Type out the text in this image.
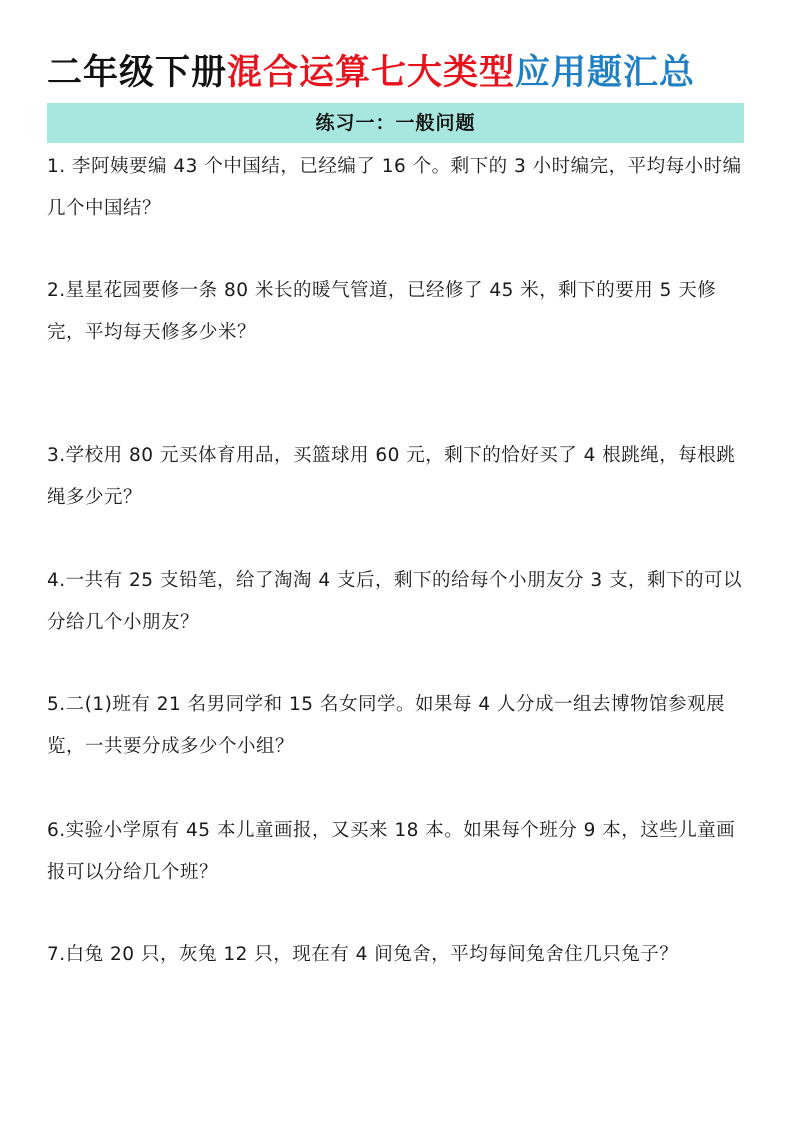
二年级下册混合运算七大类型应用题汇总
练习一：一般问题

1. 李阿姨要编 43 个中国结，已经编了 16 个。剩下的 3 小时编完，平均每小时编几个中国结？

2.星星花园要修一条 80 米长的暖气管道，已经修了 45 米，剩下的要用 5 天修完，平均每天修多少米？

3.学校用 80 元买体育用品，买篮球用 60 元，剩下的恰好买了 4 根跳绳，每根跳绳多少元？

4.一共有 25 支铅笔，给了淘淘 4 支后，剩下的给每个小朋友分 3 支，剩下的可以分给几个小朋友？

5.二(1)班有 21 名男同学和 15 名女同学。如果每 4 人分成一组去博物馆参观展览，一共要分成多少个小组？

6.实验小学原有 45 本儿童画报，又买来 18 本。如果每个班分 9 本，这些儿童画报可以分给几个班？

7.白兔 20 只，灰兔 12 只，现在有 4 间兔舍，平均每间兔舍住几只兔子？
